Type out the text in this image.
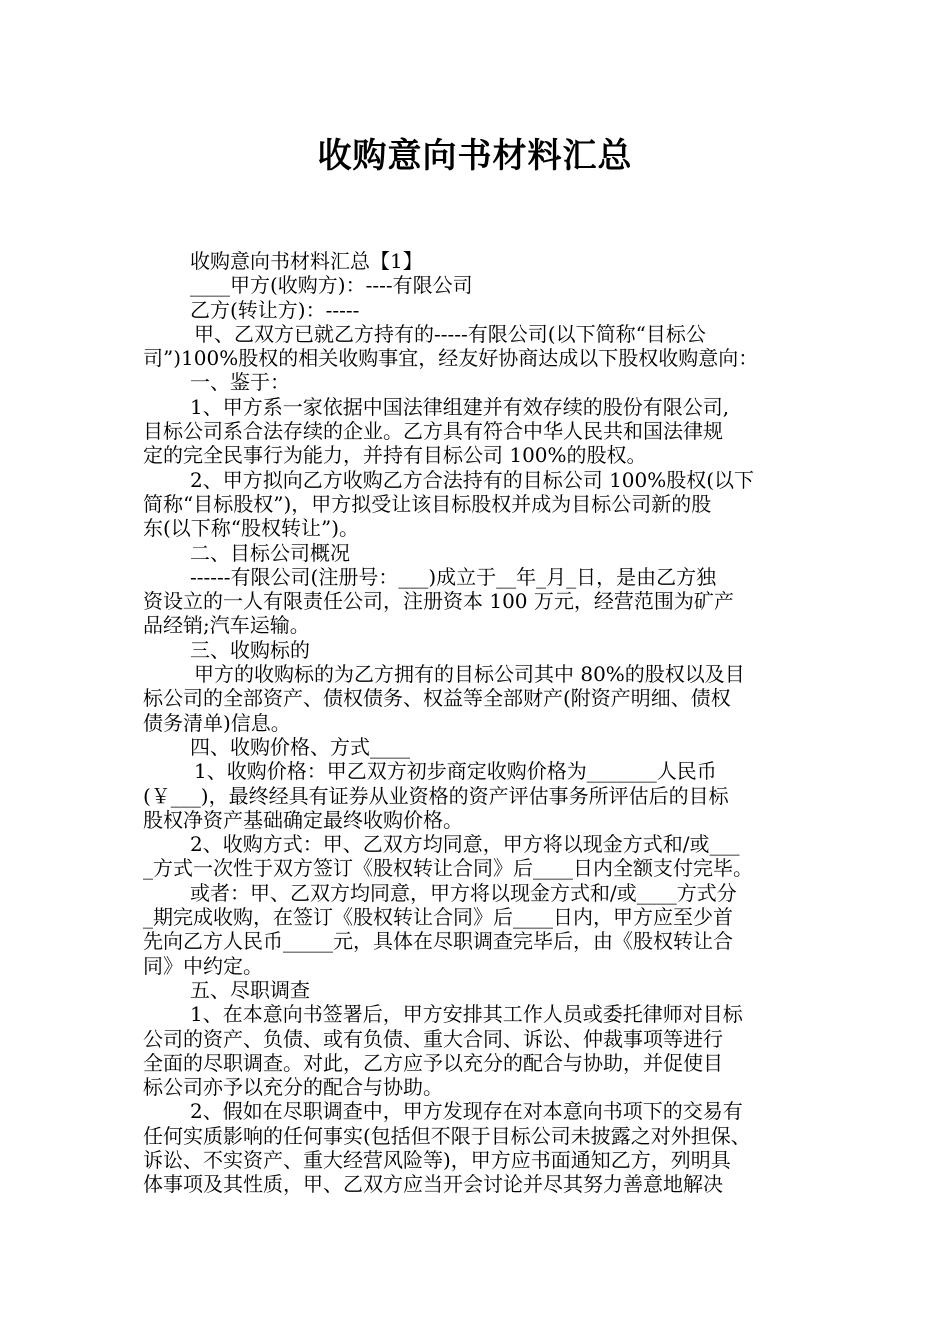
收购意向书材料汇总
收购意向书材料汇总【1】
____甲方(收购方)：----有限公司
乙方(转让方)：-----
甲、乙双方已就乙方持有的-----有限公司(以下简称“目标公
司”)100%股权的相关收购事宜，经友好协商达成以下股权收购意向：
一、鉴于：
1、甲方系一家依据中国法律组建并有效存续的股份有限公司,
目标公司系合法存续的企业。乙方具有符合中华人民共和国法律规
定的完全民事行为能力，并持有目标公司 100%的股权。
2、甲方拟向乙方收购乙方合法持有的目标公司 100%股权(以下
简称“目标股权”)，甲方拟受让该目标股权并成为目标公司新的股
东(以下称“股权转让”)。
二、目标公司概况
------有限公司(注册号：___)成立于__年_月_日，是由乙方独
资设立的一人有限责任公司，注册资本 100 万元，经营范围为矿产
品经销;汽车运输。
三、收购标的
甲方的收购标的为乙方拥有的目标公司其中 80%的股权以及目
标公司的全部资产、债权债务、权益等全部财产(附资产明细、债权
债务清单)信息。
四、收购价格、方式____
1、收购价格：甲乙双方初步商定收购价格为_______人民币
(￥___)，最终经具有证券从业资格的资产评估事务所评估后的目标
股权净资产基础确定最终收购价格。
2、收购方式：甲、乙双方均同意，甲方将以现金方式和/或___
_方式一次性于双方签订《股权转让合同》后____日内全额支付完毕。
或者：甲、乙双方均同意，甲方将以现金方式和/或____方式分
_期完成收购，在签订《股权转让合同》后____日内，甲方应至少首
先向乙方人民币_____元，具体在尽职调查完毕后，由《股权转让合
同》中约定。
五、尽职调查
1、在本意向书签署后，甲方安排其工作人员或委托律师对目标
公司的资产、负债、或有负债、重大合同、诉讼、仲裁事项等进行
全面的尽职调查。对此，乙方应予以充分的配合与协助，并促使目
标公司亦予以充分的配合与协助。
2、假如在尽职调查中，甲方发现存在对本意向书项下的交易有
任何实质影响的任何事实(包括但不限于目标公司未披露之对外担保、
诉讼、不实资产、重大经营风险等)，甲方应书面通知乙方，列明具
体事项及其性质，甲、乙双方应当开会讨论并尽其努力善意地解决
